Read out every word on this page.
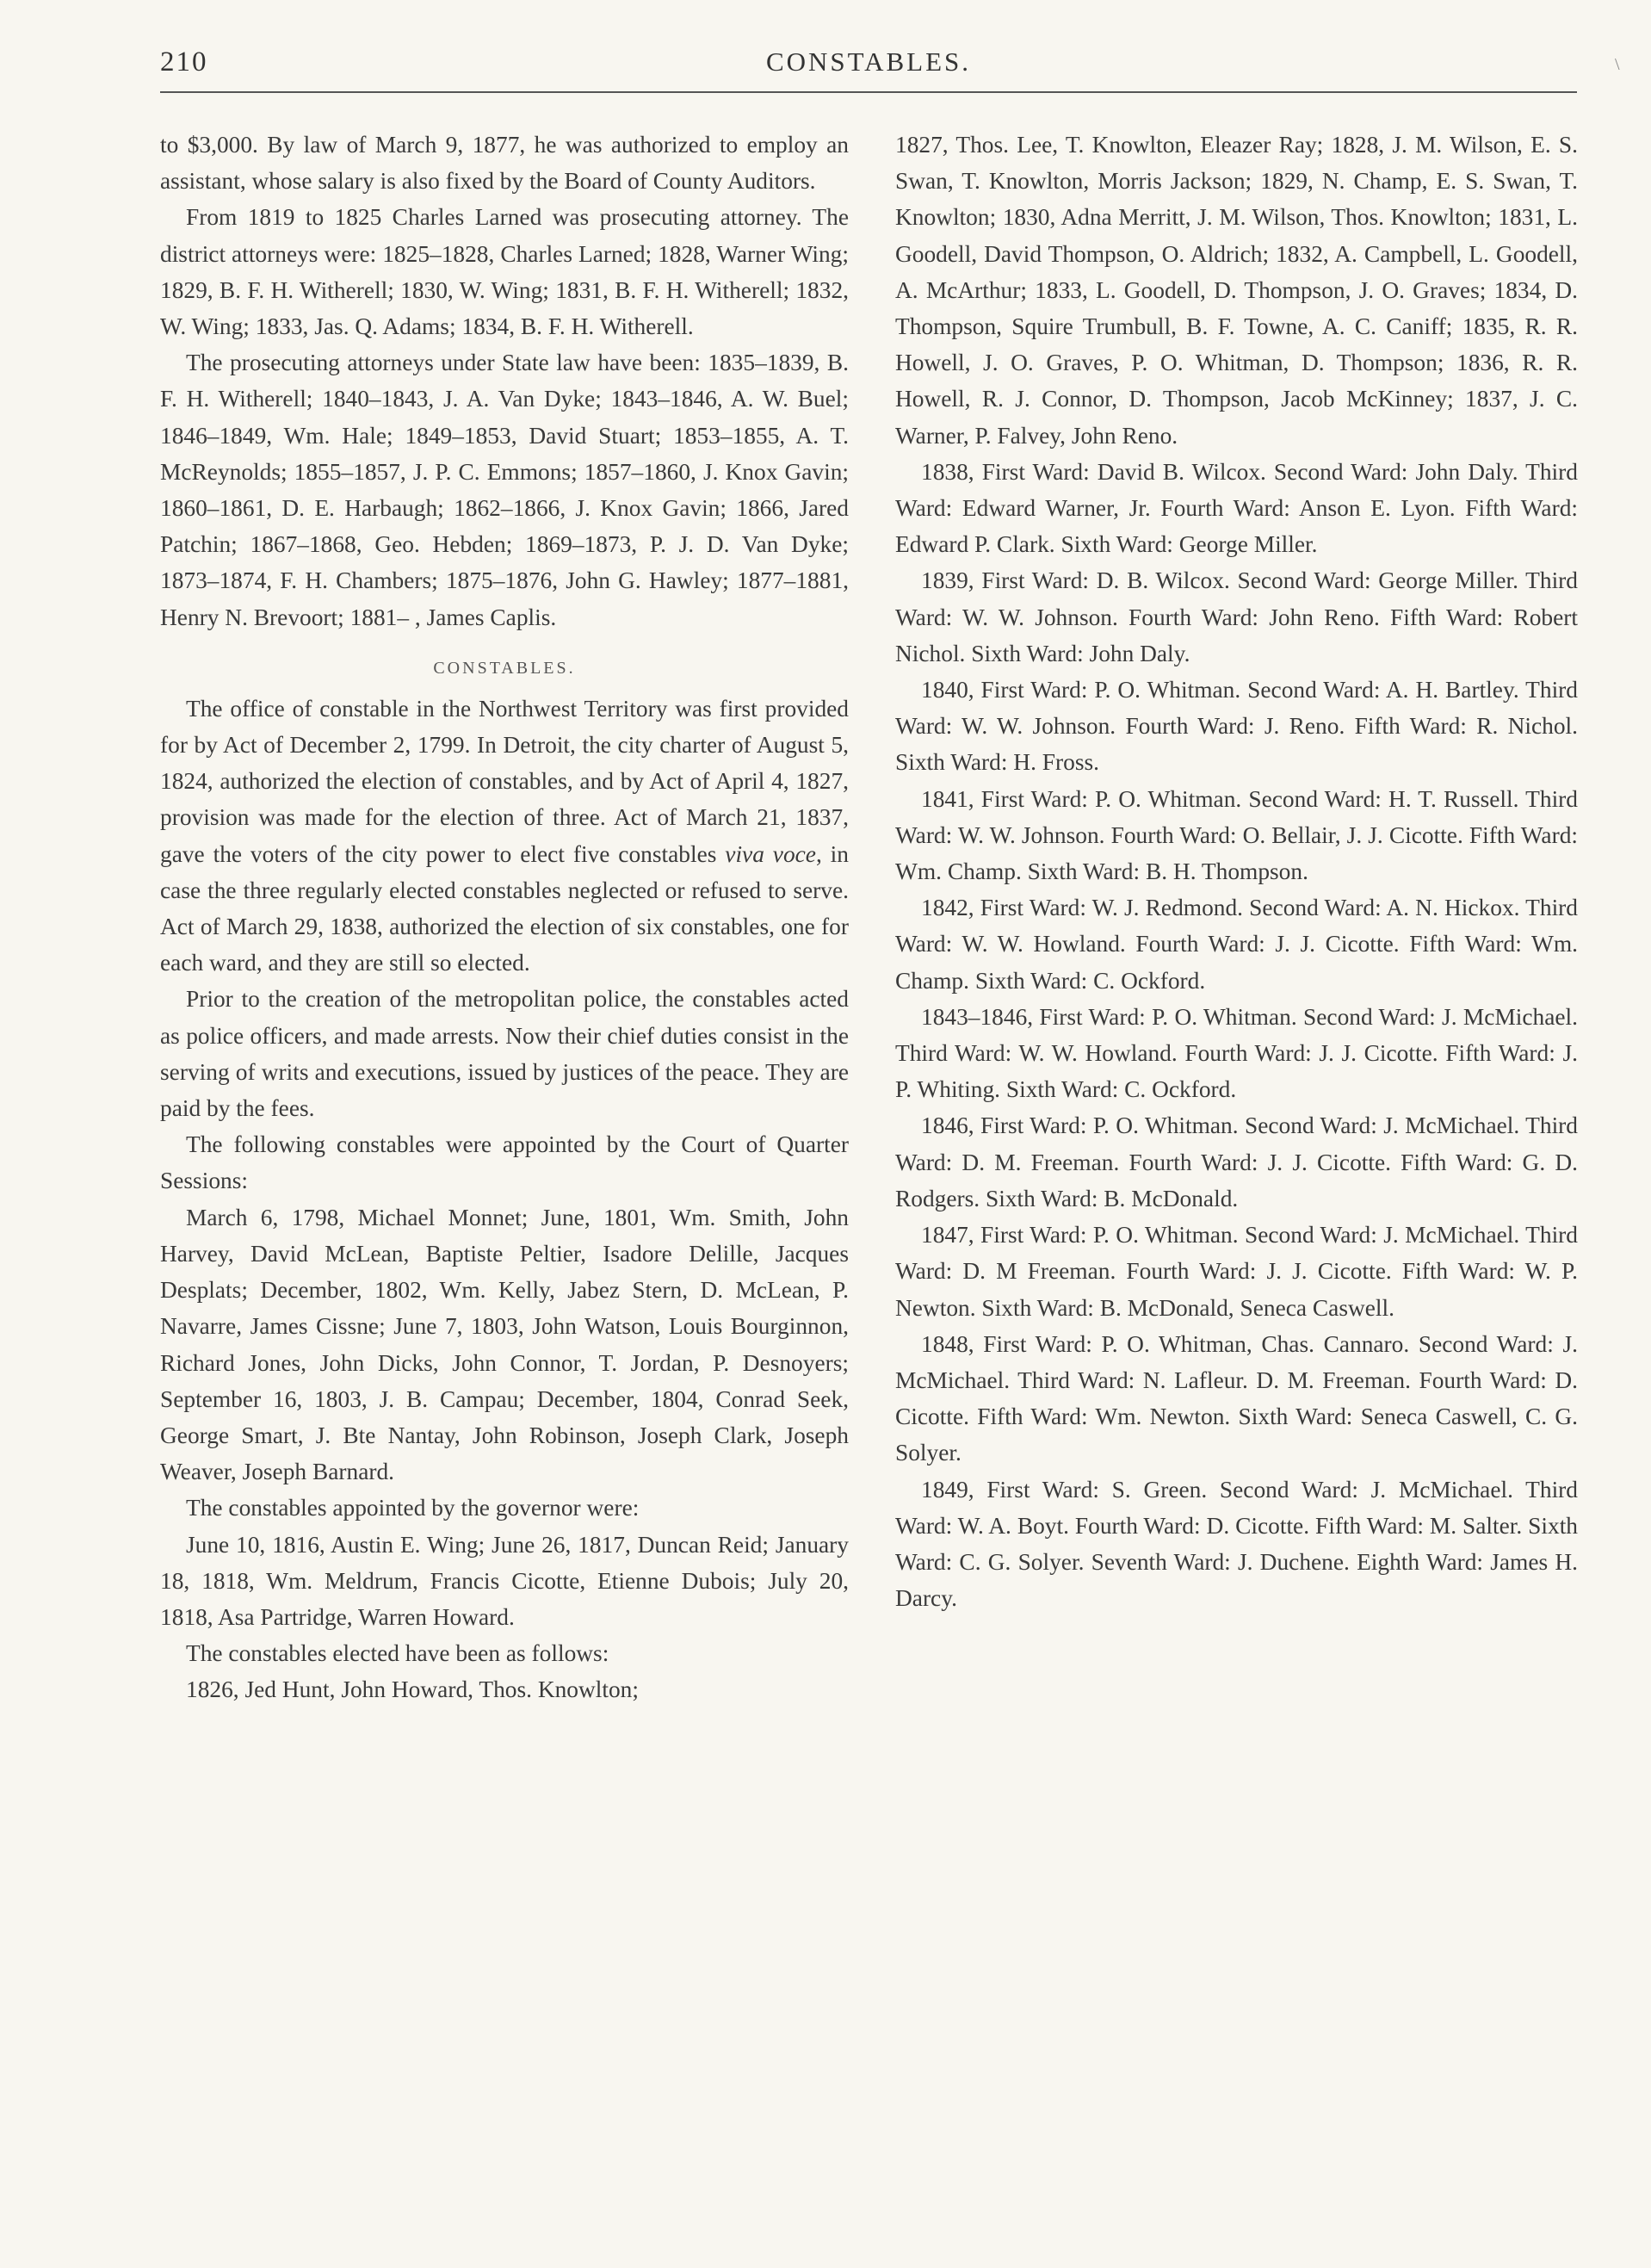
210	CONSTABLES.	\

to $3,000. By law of March 9, 1877, he was authorized to employ an assistant, whose salary is also fixed by the Board of County Auditors.

From 1819 to 1825 Charles Larned was prosecuting attorney. The district attorneys were: 1825–1828, Charles Larned; 1828, Warner Wing; 1829, B. F. H. Witherell; 1830, W. Wing; 1831, B. F. H. Witherell; 1832, W. Wing; 1833, Jas. Q. Adams; 1834, B. F. H. Witherell.

The prosecuting attorneys under State law have been: 1835–1839, B. F. H. Witherell; 1840–1843, J. A. Van Dyke; 1843–1846, A. W. Buel; 1846–1849, Wm. Hale; 1849–1853, David Stuart; 1853–1855, A. T. McReynolds; 1855–1857, J. P. C. Emmons; 1857–1860, J. Knox Gavin; 1860–1861, D. E. Harbaugh; 1862–1866, J. Knox Gavin; 1866, Jared Patchin; 1867–1868, Geo. Hebden; 1869–1873, P. J. D. Van Dyke; 1873–1874, F. H. Chambers; 1875–1876, John G. Hawley; 1877–1881, Henry N. Brevoort; 1881– , James Caplis.

CONSTABLES.

The office of constable in the Northwest Territory was first provided for by Act of December 2, 1799. In Detroit, the city charter of August 5, 1824, authorized the election of constables, and by Act of April 4, 1827, provision was made for the election of three. Act of March 21, 1837, gave the voters of the city power to elect five constables viva voce, in case the three regularly elected constables neglected or refused to serve. Act of March 29, 1838, authorized the election of six constables, one for each ward, and they are still so elected.

Prior to the creation of the metropolitan police, the constables acted as police officers, and made arrests. Now their chief duties consist in the serving of writs and executions, issued by justices of the peace. They are paid by the fees.

The following constables were appointed by the Court of Quarter Sessions:

March 6, 1798, Michael Monnet; June, 1801, Wm. Smith, John Harvey, David McLean, Baptiste Peltier, Isadore Delille, Jacques Desplats; December, 1802, Wm. Kelly, Jabez Stern, D. McLean, P. Navarre, James Cissne; June 7, 1803, John Watson, Louis Bourginnon, Richard Jones, John Dicks, John Connor, T. Jordan, P. Desnoyers; September 16, 1803, J. B. Campau; December, 1804, Conrad Seek, George Smart, J. Bte Nantay, John Robinson, Joseph Clark, Joseph Weaver, Joseph Barnard.

The constables appointed by the governor were:

June 10, 1816, Austin E. Wing; June 26, 1817, Duncan Reid; January 18, 1818, Wm. Meldrum, Francis Cicotte, Etienne Dubois; July 20, 1818, Asa Partridge, Warren Howard.

The constables elected have been as follows:

1826, Jed Hunt, John Howard, Thos. Knowlton;

1827, Thos. Lee, T. Knowlton, Eleazer Ray; 1828, J. M. Wilson, E. S. Swan, T. Knowlton, Morris Jackson; 1829, N. Champ, E. S. Swan, T. Knowlton; 1830, Adna Merritt, J. M. Wilson, Thos. Knowlton; 1831, L. Goodell, David Thompson, O. Aldrich; 1832, A. Campbell, L. Goodell, A. McArthur; 1833, L. Goodell, D. Thompson, J. O. Graves; 1834, D. Thompson, Squire Trumbull, B. F. Towne, A. C. Caniff; 1835, R. R. Howell, J. O. Graves, P. O. Whitman, D. Thompson; 1836, R. R. Howell, R. J. Connor, D. Thompson, Jacob McKinney; 1837, J. C. Warner, P. Falvey, John Reno.

1838, First Ward: David B. Wilcox. Second Ward: John Daly. Third Ward: Edward Warner, Jr. Fourth Ward: Anson E. Lyon. Fifth Ward: Edward P. Clark. Sixth Ward: George Miller.

1839, First Ward: D. B. Wilcox. Second Ward: George Miller. Third Ward: W. W. Johnson. Fourth Ward: John Reno. Fifth Ward: Robert Nichol. Sixth Ward: John Daly.

1840, First Ward: P. O. Whitman. Second Ward: A. H. Bartley. Third Ward: W. W. Johnson. Fourth Ward: J. Reno. Fifth Ward: R. Nichol. Sixth Ward: H. Fross.

1841, First Ward: P. O. Whitman. Second Ward: H. T. Russell. Third Ward: W. W. Johnson. Fourth Ward: O. Bellair, J. J. Cicotte. Fifth Ward: Wm. Champ. Sixth Ward: B. H. Thompson.

1842, First Ward: W. J. Redmond. Second Ward: A. N. Hickox. Third Ward: W. W. Howland. Fourth Ward: J. J. Cicotte. Fifth Ward: Wm. Champ. Sixth Ward: C. Ockford.

1843–1846, First Ward: P. O. Whitman. Second Ward: J. McMichael. Third Ward: W. W. Howland. Fourth Ward: J. J. Cicotte. Fifth Ward: J. P. Whiting. Sixth Ward: C. Ockford.

1846, First Ward: P. O. Whitman. Second Ward: J. McMichael. Third Ward: D. M. Freeman. Fourth Ward: J. J. Cicotte. Fifth Ward: G. D. Rodgers. Sixth Ward: B. McDonald.

1847, First Ward: P. O. Whitman. Second Ward: J. McMichael. Third Ward: D. M Freeman. Fourth Ward: J. J. Cicotte. Fifth Ward: W. P. Newton. Sixth Ward: B. McDonald, Seneca Caswell.

1848, First Ward: P. O. Whitman, Chas. Cannaro. Second Ward: J. McMichael. Third Ward: N. Lafleur. D. M. Freeman. Fourth Ward: D. Cicotte. Fifth Ward: Wm. Newton. Sixth Ward: Seneca Caswell, C. G. Solyer.

1849, First Ward: S. Green. Second Ward: J. McMichael. Third Ward: W. A. Boyt. Fourth Ward: D. Cicotte. Fifth Ward: M. Salter. Sixth Ward: C. G. Solyer. Seventh Ward: J. Duchene. Eighth Ward: James H. Darcy.
